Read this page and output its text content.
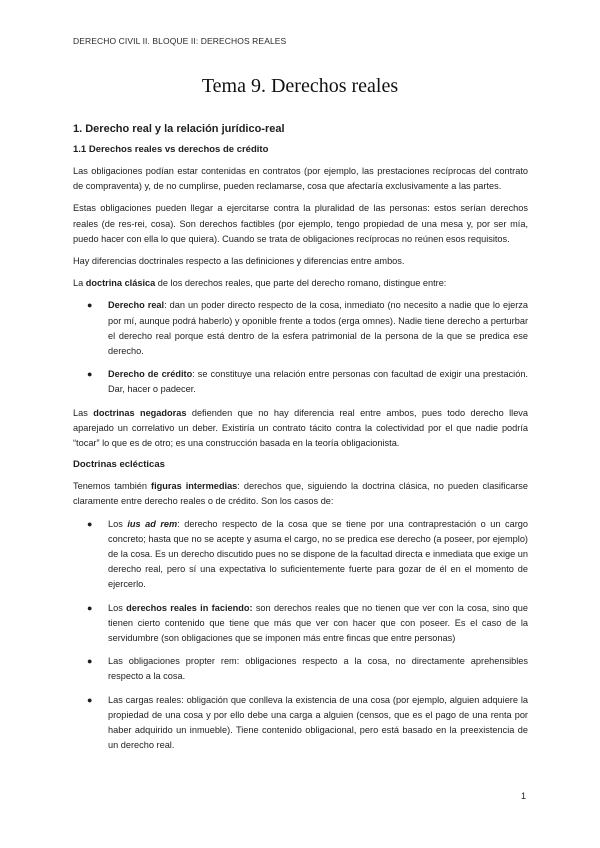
DERECHO CIVIL II. BLOQUE II: DERECHOS REALES
Tema 9. Derechos reales
1. Derecho real y la relación jurídico-real
1.1 Derechos reales vs derechos de crédito

Las obligaciones podían estar contenidas en contratos (por ejemplo, las prestaciones recíprocas del contrato de compraventa) y, de no cumplirse, pueden reclamarse, cosa que afectaría exclusivamente a las partes.

Estas obligaciones pueden llegar a ejercitarse contra la pluralidad de las personas: estos serían derechos reales (de res-rei, cosa). Son derechos factibles (por ejemplo, tengo propiedad de una mesa y, por ser mía, puedo hacer con ella lo que quiera). Cuando se trata de obligaciones recíprocas no reúnen esos requisitos.

Hay diferencias doctrinales respecto a las definiciones y diferencias entre ambos.

La doctrina clásica de los derechos reales, que parte del derecho romano, distingue entre:

● Derecho real: dan un poder directo respecto de la cosa, inmediato (no necesito a nadie que lo ejerza por mí, aunque podrá haberlo) y oponible frente a todos (erga omnes). Nadie tiene derecho a perturbar el derecho real porque está dentro de la esfera patrimonial de la persona de la que se predica ese derecho.
● Derecho de crédito: se constituye una relación entre personas con facultad de exigir una prestación. Dar, hacer o padecer.

Las doctrinas negadoras defienden que no hay diferencia real entre ambos, pues todo derecho lleva aparejado un correlativo un deber. Existiría un contrato tácito contra la colectividad por el que nadie podría “tocar” lo que es de otro; es una construcción basada en la teoría obligacionista.

Doctrinas eclécticas

Tenemos también figuras intermedias: derechos que, siguiendo la doctrina clásica, no pueden clasificarse claramente entre derecho reales o de crédito. Son los casos de:

● Los ius ad rem: derecho respecto de la cosa que se tiene por una contraprestación o un cargo concreto; hasta que no se acepte y asuma el cargo, no se predica ese derecho (a poseer, por ejemplo) de la cosa. Es un derecho discutido pues no se dispone de la facultad directa e inmediata que exige un derecho real, pero sí una expectativa lo suficientemente fuerte para gozar de él en el momento de ejercerlo.
● Los derechos reales in faciendo: son derechos reales que no tienen que ver con la cosa, sino que tienen cierto contenido que tiene que más que ver con hacer que con poseer. Es el caso de la servidumbre (son obligaciones que se imponen más entre fincas que entre personas)
● Las obligaciones propter rem: obligaciones respecto a la cosa, no directamente aprehensibles respecto a la cosa.
● Las cargas reales: obligación que conlleva la existencia de una cosa (por ejemplo, alguien adquiere la propiedad de una cosa y por ello debe una carga a alguien (censos, que es el pago de una renta por haber adquirido un inmueble). Tiene contenido obligacional, pero está basado en la preexistencia de un derecho real.
1
